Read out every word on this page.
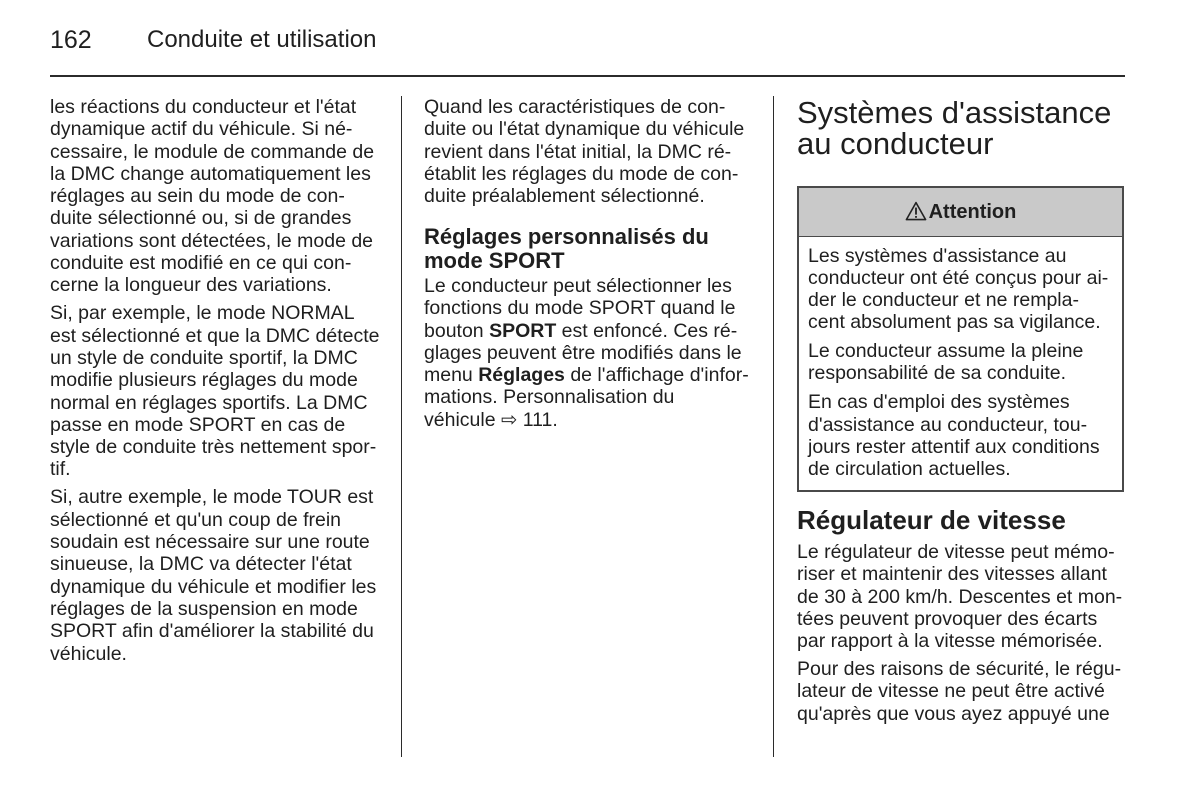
162 Conduite et utilisation
les réactions du conducteur et l'état
dynamique actif du véhicule. Si né-
cessaire, le module de commande de
la DMC change automatiquement les
réglages au sein du mode de con-
duite sélectionné ou, si de grandes
variations sont détectées, le mode de
conduite est modifié en ce qui con-
cerne la longueur des variations.
Si, par exemple, le mode NORMAL
est sélectionné et que la DMC détecte
un style de conduite sportif, la DMC
modifie plusieurs réglages du mode
normal en réglages sportifs. La DMC
passe en mode SPORT en cas de
style de conduite très nettement spor-
tif.
Si, autre exemple, le mode TOUR est
sélectionné et qu'un coup de frein
soudain est nécessaire sur une route
sinueuse, la DMC va détecter l'état
dynamique du véhicule et modifier les
réglages de la suspension en mode
SPORT afin d'améliorer la stabilité du
véhicule.
Quand les caractéristiques de con-
duite ou l'état dynamique du véhicule
revient dans l'état initial, la DMC ré-
établit les réglages du mode de con-
duite préalablement sélectionné.
Réglages personnalisés du
mode SPORT
Le conducteur peut sélectionner les
fonctions du mode SPORT quand le
bouton SPORT est enfoncé. Ces ré-
glages peuvent être modifiés dans le
menu Réglages de l'affichage d'infor-
mations. Personnalisation du
véhicule ⇨ 111.
Systèmes d'assistance
au conducteur
Attention
Les systèmes d'assistance au
conducteur ont été conçus pour ai-
der le conducteur et ne rempla-
cent absolument pas sa vigilance.
Le conducteur assume la pleine
responsabilité de sa conduite.
En cas d'emploi des systèmes
d'assistance au conducteur, tou-
jours rester attentif aux conditions
de circulation actuelles.
Régulateur de vitesse
Le régulateur de vitesse peut mémo-
riser et maintenir des vitesses allant
de 30 à 200 km/h. Descentes et mon-
tées peuvent provoquer des écarts
par rapport à la vitesse mémorisée.
Pour des raisons de sécurité, le régu-
lateur de vitesse ne peut être activé
qu'après que vous ayez appuyé une
